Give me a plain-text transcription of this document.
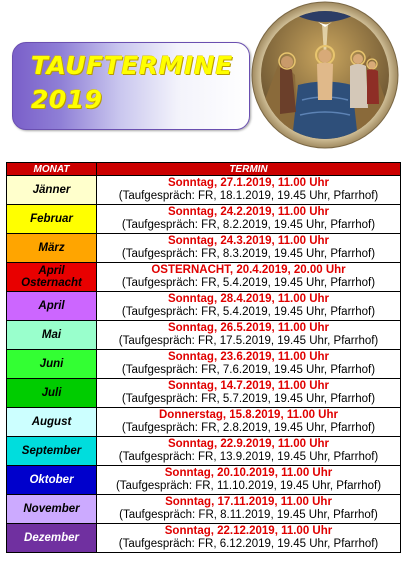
TAUFTERMINE
2019
MONAT	TERMIN
Jänner	Sonntag, 27.1.2019, 11.00 Uhr
(Taufgespräch: FR, 18.1.2019, 19.45 Uhr, Pfarrhof)

Februar	Sonntag, 24.2.2019, 11.00 Uhr
(Taufgespräch: FR, 8.2.2019, 19.45 Uhr, Pfarrhof)

März	Sonntag, 24.3.2019, 11.00 Uhr
(Taufgespräch: FR, 8.3.2019, 19.45 Uhr, Pfarrhof)

April
Osternacht	OSTERNACHT, 20.4.2019, 20.00 Uhr
(Taufgespräch: FR, 5.4.2019, 19.45 Uhr, Pfarrhof)

April	Sonntag, 28.4.2019, 11.00 Uhr
(Taufgespräch: FR, 5.4.2019, 19.45 Uhr, Pfarrhof)

Mai	Sonntag, 26.5.2019, 11.00 Uhr
(Taufgespräch: FR, 17.5.2019, 19.45 Uhr, Pfarrhof)

Juni	Sonntag, 23.6.2019, 11.00 Uhr
(Taufgespräch: FR, 7.6.2019, 19.45 Uhr, Pfarrhof)

Juli	Sonntag, 14.7.2019, 11.00 Uhr
(Taufgespräch: FR, 5.7.2019, 19.45 Uhr, Pfarrhof)

August	Donnerstag, 15.8.2019, 11.00 Uhr
(Taufgespräch: FR, 2.8.2019, 19.45 Uhr, Pfarrhof)

September	Sonntag, 22.9.2019, 11.00 Uhr
(Taufgespräch: FR, 13.9.2019, 19.45 Uhr, Pfarrhof)

Oktober	Sonntag, 20.10.2019, 11.00 Uhr
(Taufgespräch: FR, 11.10.2019, 19.45 Uhr, Pfarrhof)

November	Sonntag, 17.11.2019, 11.00 Uhr
(Taufgespräch: FR, 8.11.2019, 19.45 Uhr, Pfarrhof)

Dezember	Sonntag, 22.12.2019, 11.00 Uhr
(Taufgespräch: FR, 6.12.2019, 19.45 Uhr, Pfarrhof)
